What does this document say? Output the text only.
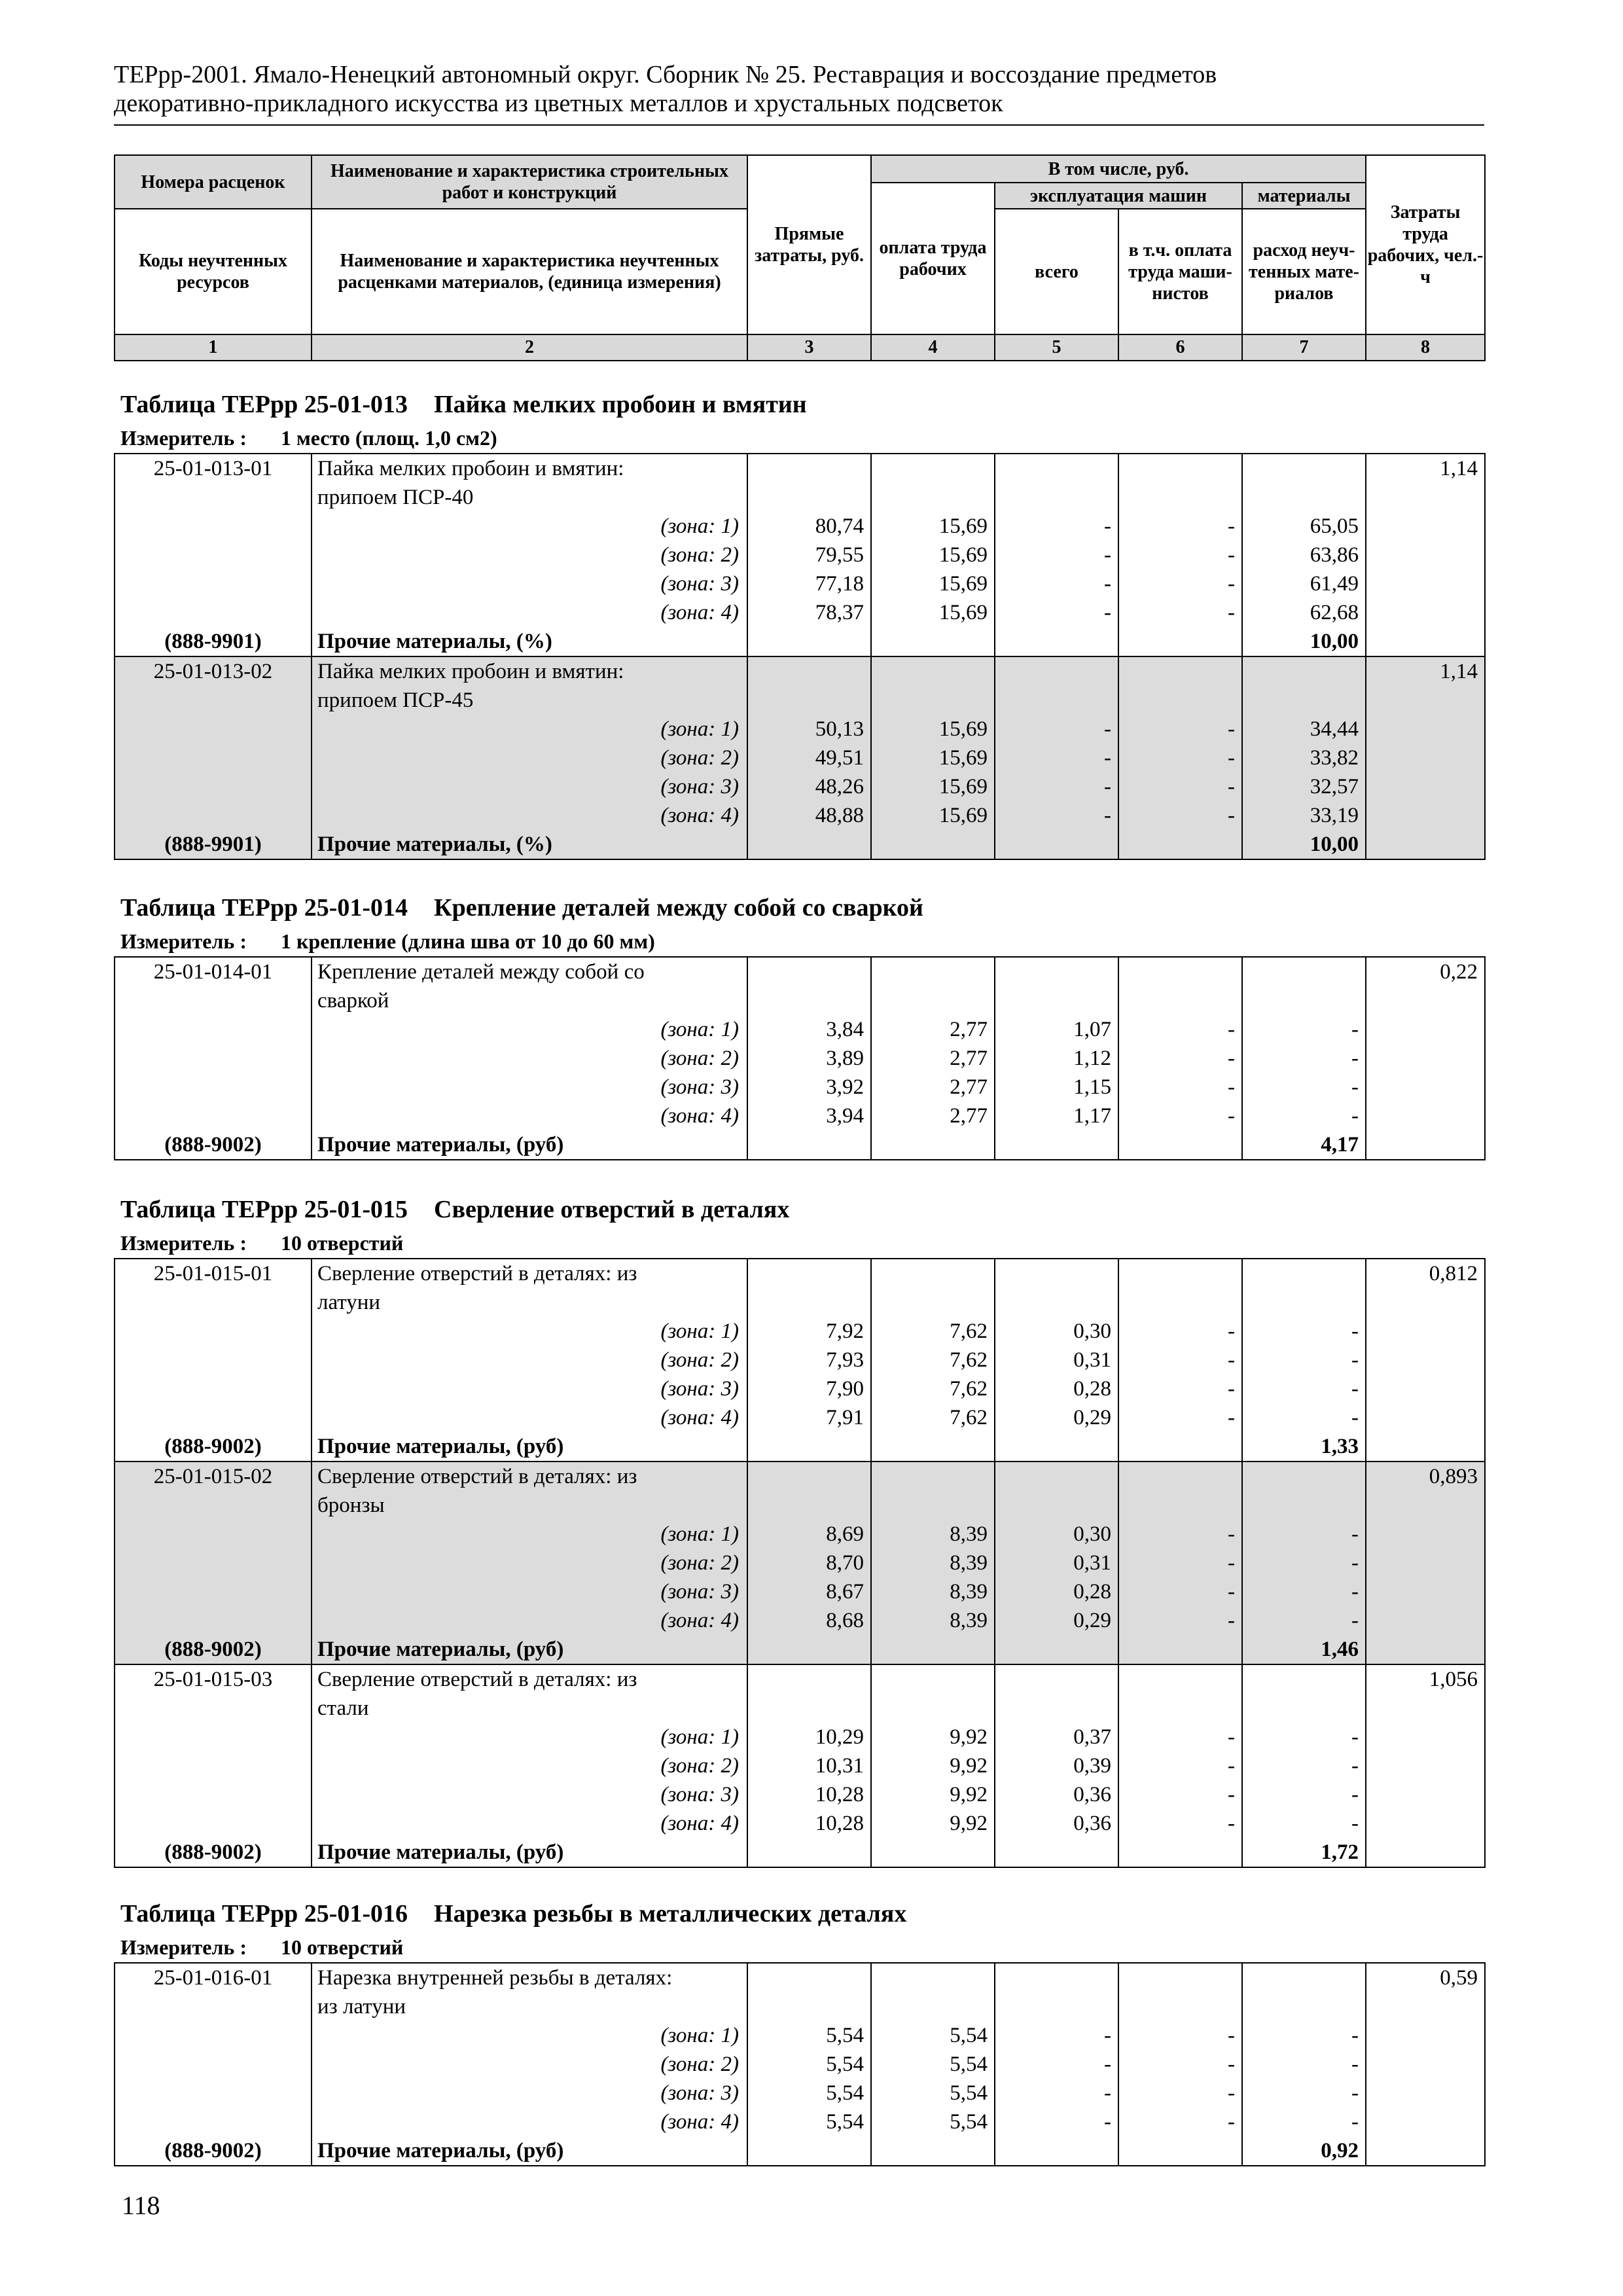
ТЕРрр-2001. Ямало-Ненецкий автономный округ. Сборник № 25. Реставрация и воссоздание предметов
декоративно-прикладного искусства из цветных металлов и хрустальных подсветок
Номера расценок	Наименование и характеристика строительных работ и конструкций	Прямые затраты, руб.	В том числе, руб.				Затраты труда рабочих, чел.-ч
			оплата труда рабочих	эксплуатация машин		материалы	
Коды неучтенных ресурсов	Наименование и характеристика неучтенных расценками материалов, (единица измерения)			всего	в т.ч. оплата труда маши- нистов	расход неуч- тенных мате- риалов	
1	2	3	4	5	6	7	8
Таблица ТЕРрр 25-01-013 Пайка мелких пробоин и вмятин
Измеритель : 1 место (площ. 1,0 см2)
25-01-013-01	Пайка мелких пробоин и вмятин:						1,14
	припоем ПСР-40						
	(зона: 1)	80,74	15,69	-	-	65,05	
	(зона: 2)	79,55	15,69	-	-	63,86	
	(зона: 3)	77,18	15,69	-	-	61,49	
	(зона: 4)	78,37	15,69	-	-	62,68	
(888-9901)	Прочие материалы, (%)					10,00	
25-01-013-02	Пайка мелких пробоин и вмятин:						1,14
	припоем ПСР-45						
	(зона: 1)	50,13	15,69	-	-	34,44	
	(зона: 2)	49,51	15,69	-	-	33,82	
	(зона: 3)	48,26	15,69	-	-	32,57	
	(зона: 4)	48,88	15,69	-	-	33,19	
(888-9901)	Прочие материалы, (%)					10,00	
Таблица ТЕРрр 25-01-014 Крепление деталей между собой со сваркой
Измеритель : 1 крепление (длина шва от 10 до 60 мм)
25-01-014-01	Крепление деталей между собой со						0,22
	сваркой						
	(зона: 1)	3,84	2,77	1,07	-	-	
	(зона: 2)	3,89	2,77	1,12	-	-	
	(зона: 3)	3,92	2,77	1,15	-	-	
	(зона: 4)	3,94	2,77	1,17	-	-	
(888-9002)	Прочие материалы, (руб)					4,17	
Таблица ТЕРрр 25-01-015 Сверление отверстий в деталях
Измеритель : 10 отверстий
25-01-015-01	Сверление отверстий в деталях: из						0,812
	латуни						
	(зона: 1)	7,92	7,62	0,30	-	-	
	(зона: 2)	7,93	7,62	0,31	-	-	
	(зона: 3)	7,90	7,62	0,28	-	-	
	(зона: 4)	7,91	7,62	0,29	-	-	
(888-9002)	Прочие материалы, (руб)					1,33	
25-01-015-02	Сверление отверстий в деталях: из						0,893
	бронзы						
	(зона: 1)	8,69	8,39	0,30	-	-	
	(зона: 2)	8,70	8,39	0,31	-	-	
	(зона: 3)	8,67	8,39	0,28	-	-	
	(зона: 4)	8,68	8,39	0,29	-	-	
(888-9002)	Прочие материалы, (руб)					1,46	
25-01-015-03	Сверление отверстий в деталях: из						1,056
	стали						
	(зона: 1)	10,29	9,92	0,37	-	-	
	(зона: 2)	10,31	9,92	0,39	-	-	
	(зона: 3)	10,28	9,92	0,36	-	-	
	(зона: 4)	10,28	9,92	0,36	-	-	
(888-9002)	Прочие материалы, (руб)					1,72	
Таблица ТЕРрр 25-01-016 Нарезка резьбы в металлических деталях
Измеритель : 10 отверстий
25-01-016-01	Нарезка внутренней резьбы в деталях:						0,59
	из латуни						
	(зона: 1)	5,54	5,54	-	-	-	
	(зона: 2)	5,54	5,54	-	-	-	
	(зона: 3)	5,54	5,54	-	-	-	
	(зона: 4)	5,54	5,54	-	-	-	
(888-9002)	Прочие материалы, (руб)					0,92	
118
